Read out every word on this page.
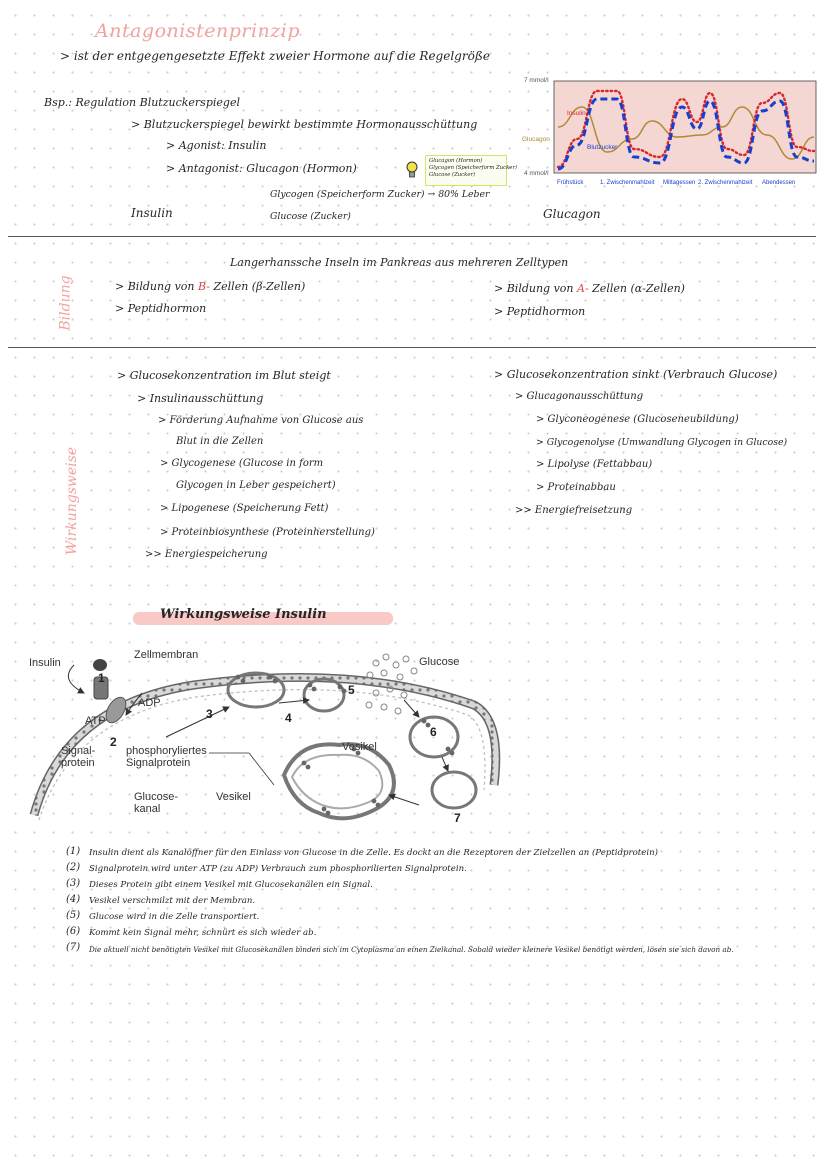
Antagonistenprinzip
> ist der entgegengesetzte Effekt zweier Hormone auf die Regelgröße
Bsp.: Regulation Blutzuckerspiegel
> Blutzuckerspiegel bewirkt bestimmte Hormonausschüttung
> Agonist: Insulin
> Antagonist: Glucagon (Hormon)
Glucagon (Hormon)
Glycogen (Speicherform Zucker)
Glucose (Zucker)
Glycogen (Speicherform Zucker) → 80% Leber
Insulin	Glucose (Zucker)	Glucagon
7 mmol/l
4 mmol/l
Glucagon
Insulin
Blutzucker
Frühstück	1. Zwischenmahlzeit Mittagessen 2. Zwischenmahlzeit Abendessen
Bildung
Langerhanssche Inseln im Pankreas aus mehreren Zelltypen
> Bildung von B- Zellen (β-Zellen)
> Peptidhormon
> Bildung von A- Zellen (α-Zellen)
> Peptidhormon
Wirkungsweise
> Glucosekonzentration im Blut steigt
> Insulinausschüttung
> Förderung Aufnahme von Glucose aus
Blut in die Zellen
> Glycogenese (Glucose in form
Glycogen in Leber gespeichert)
> Lipogenese (Speicherung Fett)
> Proteinbiosynthese (Proteinherstellung)
>> Energiespeicherung
> Glucosekonzentration sinkt (Verbrauch Glucose)
> Glucagonausschüttung
> Glyconeogenese (Glucoseneubildung)
> Glycogenolyse (Umwandlung Glycogen in Glucose)
> Lipolyse (Fettabbau)
> Proteinabbau
>> Energiefreisetzung
Wirkungsweise Insulin
Insulin
Zellmembran
Glucose
ADP
ATP
Signal-
protein
phosphoryliertes
Signalprotein
Glucose-
kanal
Vesikel
Vesikel
1
2
3	4
5
6
7
(1) Insulin dient als Kanalöffner für den Einlass von Glucose in die Zelle. Es dockt an die Rezeptoren der Zielzellen an (Peptidprotein)
(2) Signalprotein wird unter ATP (zu ADP) Verbrauch zum phosphorilierten Signalprotein.
(3) Dieses Protein gibt einem Vesikel mit Glucosekanälen ein Signal.
(4) Vesikel verschmilzt mit der Membran.
(5) Glucose wird in die Zelle transportiert.
(6) Kommt kein Signal mehr, schnürt es sich wieder ab.
(7) Die aktuell nicht benötigten Vesikel mit Glucosekanälen binden sich im Cytoplasma an einen Zielkanal. Sobald wieder kleinere Vesikel benötigt werden, lösen sie sich davon ab.
